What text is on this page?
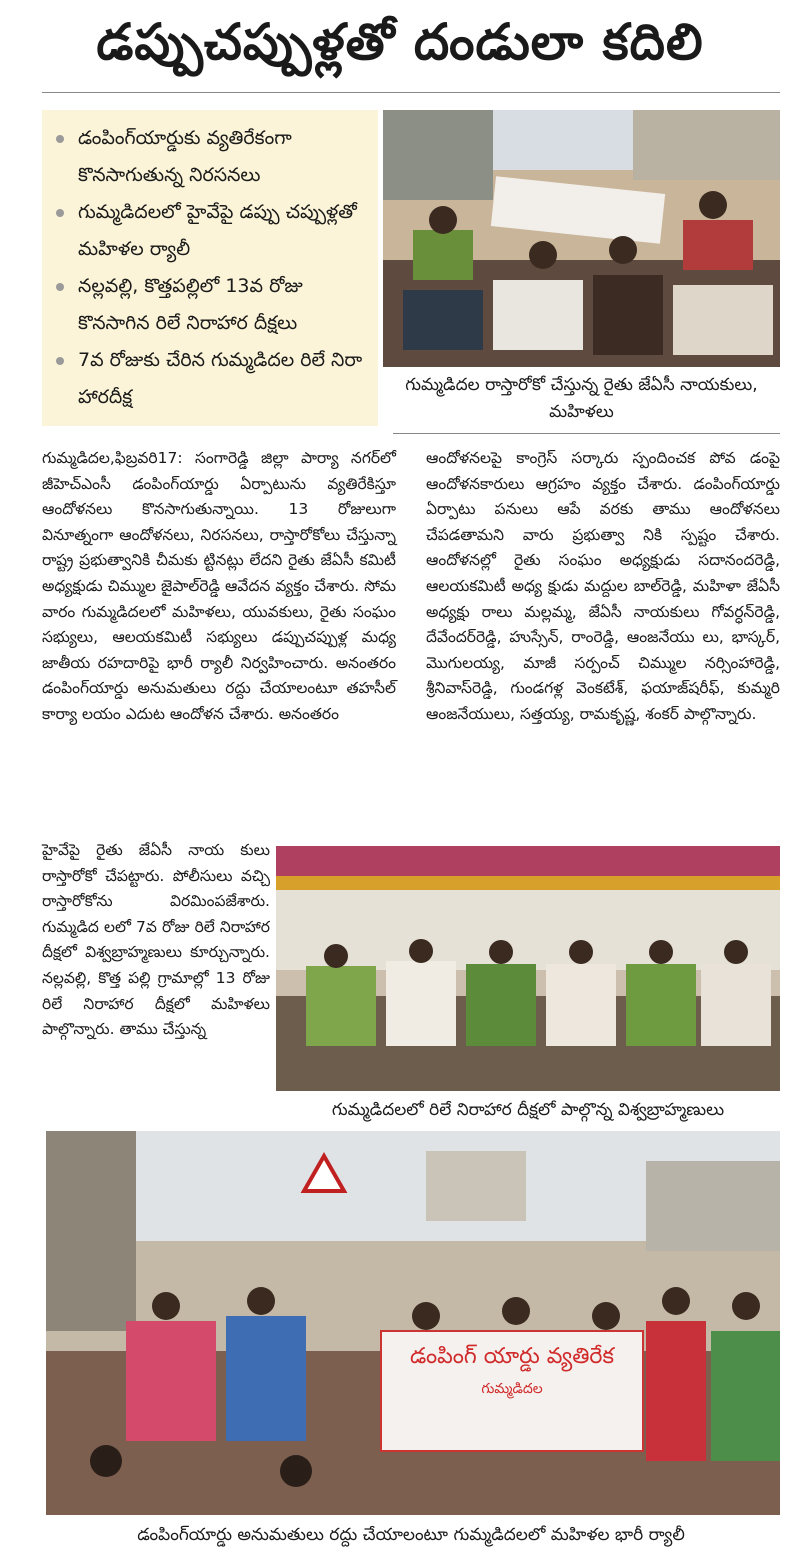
డప్పుచప్పుళ్లతో దండులా కదిలి
డంపింగ్‌యార్డుకు వ్యతిరేకంగా కొనసాగుతున్న నిరసనలు
గుమ్మడిదలలో హైవేపై డప్పు చప్పుళ్లతో మహిళల ర్యాలీ
నల్లవల్లి, కొత్తపల్లిలో 13వ రోజు కొనసాగిన రిలే నిరాహార దీక్షలు
7వ రోజుకు చేరిన గుమ్మడిదల రిలే నిరా హారదీక్ష
గుమ్మడిదల రాస్తారోకో చేస్తున్న రైతు జేఏసీ నాయకులు, మహిళలు

గుమ్మడిదల,ఫిబ్రవరి17: సంగారెడ్డి జిల్లా పార్యా నగర్‌లో జీహెచ్‌ఎంసీ డంపింగ్‌యార్డు ఏర్పాటును వ్యతిరేకిస్తూ ఆందోళనలు కొనసాగుతున్నాయి. 13 రోజులుగా వినూత్నంగా ఆందోళనలు, నిరసనలు, రాస్తారోకోలు చేస్తున్నా రాష్ట్ర ప్రభుత్వానికి చీమకు ట్టినట్లు లేదని రైతు జేఏసీ కమిటీ అధ్యక్షుడు చిమ్ముల జైపాల్‌రెడ్డి ఆవేదన వ్యక్తం చేశారు. సోమ వారం గుమ్మడిదలలో మహిళలు, యువకులు, రైతు సంఘం సభ్యులు, ఆలయకమిటీ సభ్యులు డప్పుచప్పుళ్ల మధ్య జాతీయ రహదారిపై భారీ ర్యాలీ నిర్వహించారు. అనంతరం డంపింగ్‌యార్డు అనుమతులు రద్దు చేయాలంటూ తహసీల్ కార్యా లయం ఎదుట ఆందోళన చేశారు. అనంతరం

ఆందోళనలపై కాంగ్రెస్ సర్కారు స్పందించక పోవ డంపై ఆందోళనకారులు ఆగ్రహం వ్యక్తం చేశారు. డంపింగ్‌యార్డు ఏర్పాటు పనులు ఆపే వరకు తాము ఆందోళనలు చేపడతామని వారు ప్రభుత్వా నికి స్పష్టం చేశారు. ఆందోళనల్లో రైతు సంఘం అధ్యక్షుడు సదానందరెడ్డి, ఆలయకమిటీ అధ్య క్షుడు మద్దుల బాల్‌రెడ్డి, మహిళా జేఏసీ అధ్యక్షు రాలు మల్లమ్మ, జేఏసీ నాయకులు గోవర్ధన్‌రెడ్డి, దేవేందర్‌రెడ్డి, హుస్సేన్, రాంరెడ్డి, ఆంజనేయు లు, భాస్కర్, మొగులయ్య, మాజీ సర్పంచ్ చిమ్ముల నర్సింహారెడ్డి, శ్రీనివాస్‌రెడ్డి, గుండగళ్ల వెంకటేశ్, ఫయాజ్‌షరీఫ్, కుమ్మరి ఆంజనేయులు, సత్తయ్య, రామకృష్ణ, శంకర్ పాల్గొన్నారు.

హైవేపై రైతు జేఏసీ నాయ కులు రాస్తారోకో చేపట్టారు. పోలీసులు వచ్చి రాస్తారోకోను విరమింపజేశారు. గుమ్మడిద లలో 7వ రోజు రిలే నిరాహార దీక్షలో విశ్వబ్రాహ్మణులు కూర్చున్నారు. నల్లవల్లి, కొత్త పల్లి గ్రామాల్లో 13 రోజు రిలే నిరాహార దీక్షలో మహిళలు పాల్గొన్నారు. తాము చేస్తున్న

గుమ్మడిదలలో రిలే నిరాహార దీక్షలో పాల్గొన్న విశ్వబ్రాహ్మణులు
డంపింగ్ యార్డు వ్యతిరేక
గుమ్మడిదల
డంపింగ్‌యార్డు అనుమతులు రద్దు చేయాలంటూ గుమ్మడిదలలో మహిళల భారీ ర్యాలీ
